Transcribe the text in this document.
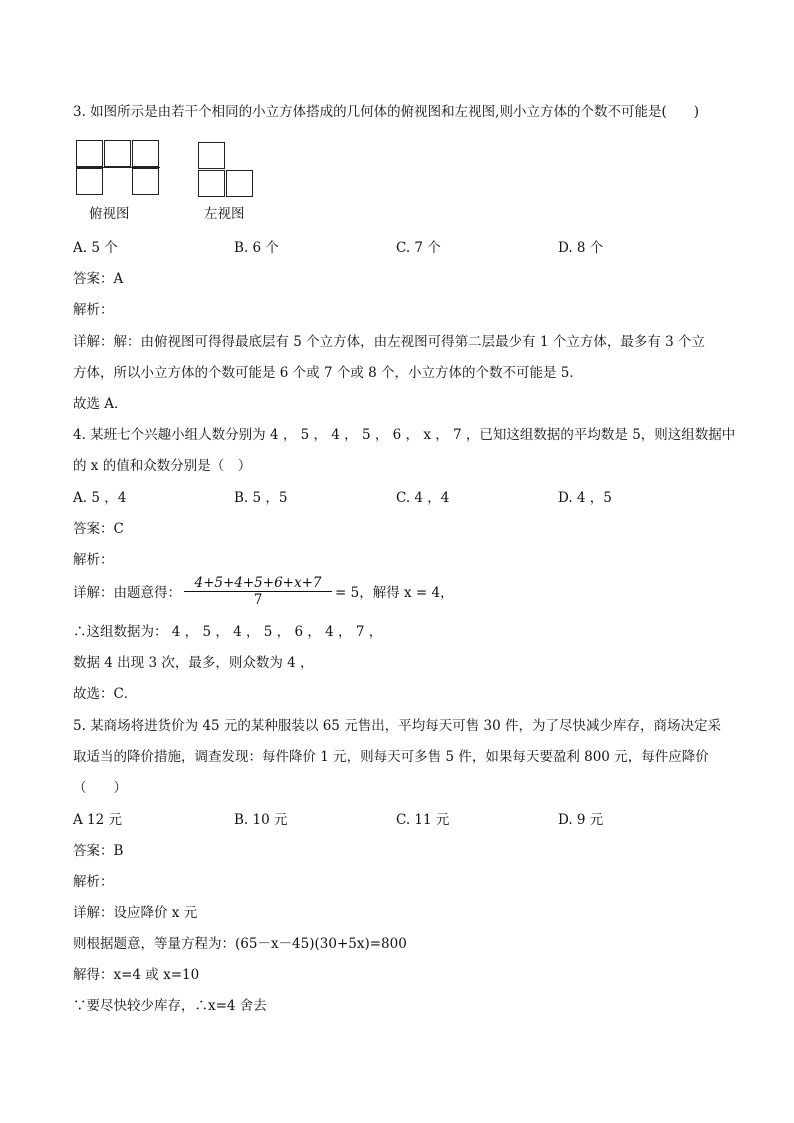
3. 如图所示是由若干个相同的小立方体搭成的几何体的俯视图和左视图,则小立方体的个数不可能是(　　)
俯视图	左视图
A. 5 个	B. 6 个	C. 7 个	D. 8 个
答案：A
解析：
详解：解：由俯视图可得得最底层有 5 个立方体，由左视图可得第二层最少有 1 个立方体，最多有 3 个立
方体，所以小立方体的个数可能是 6 个或 7 个或 8 个，小立方体的个数不可能是 5．
故选 A．
4. 某班七个兴趣小组人数分别为 4 ， 5 ， 4 ， 5 ， 6 ， x ， 7 ，已知这组数据的平均数是 5，则这组数据中
的 x 的值和众数分别是（　）
A. 5 ，4	B. 5 ，5	C. 4 ，4	D. 4 ，5
答案：C
解析：
详解：由题意得：
4+5+4+5+6+x+7
7	= 5，解得 x = 4，
∴这组数据为： 4 ， 5 ， 4 ， 5 ， 6 ， 4 ， 7 ，
数据 4 出现 3 次，最多，则众数为 4 ，
故选：C．
5. 某商场将进货价为 45 元的某种服装以 65 元售出，平均每天可售 30 件，为了尽快减少库存，商场决定采
取适当的降价措施，调查发现：每件降价 1 元，则每天可多售 5 件，如果每天要盈利 800 元，每件应降价
（　　）
A 12 元	B. 10 元	C. 11 元	D. 9 元
答案：B
解析：
详解：设应降价 x 元
则根据题意，等量方程为：(65－x－45)(30+5x)=800
解得：x=4 或 x=10
∵要尽快较少库存，∴x=4 舍去
